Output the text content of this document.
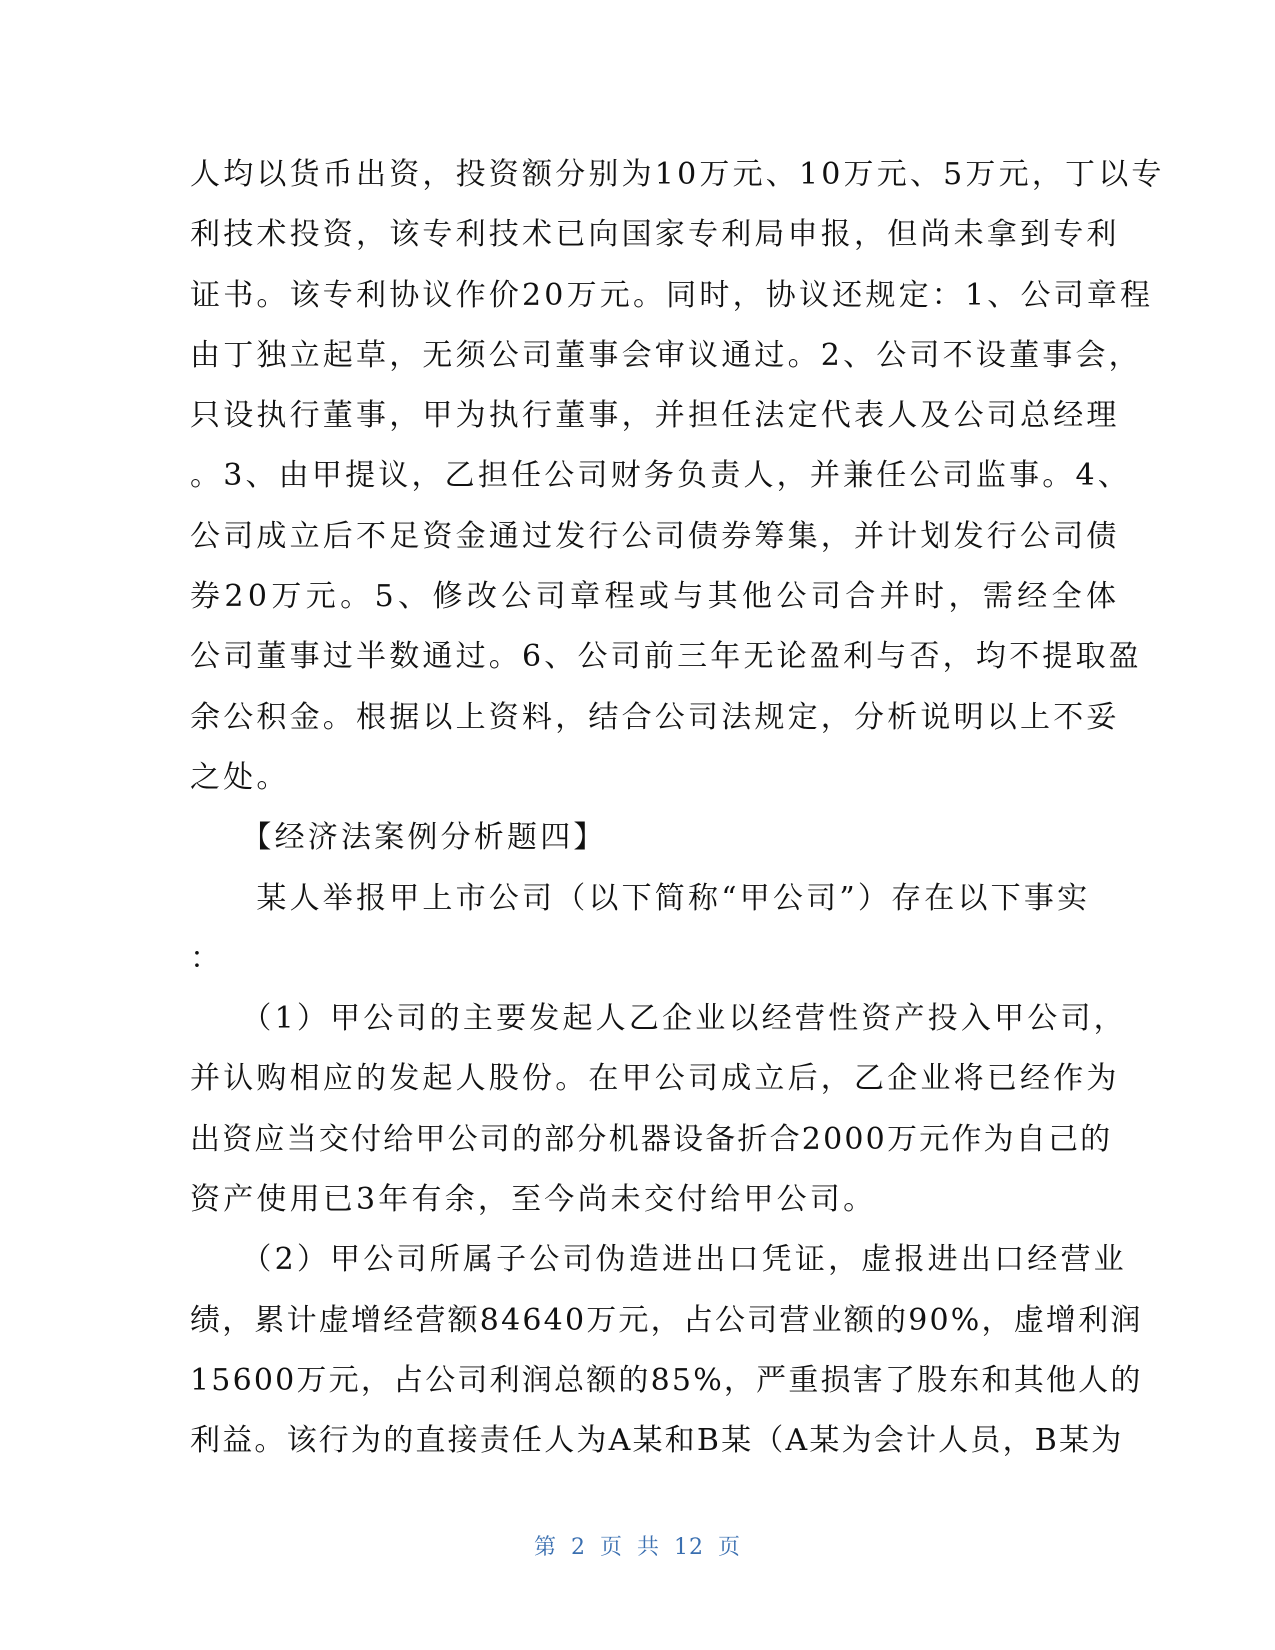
人均以货币出资，投资额分别为10万元、10万元、5万元，丁以专
利技术投资，该专利技术已向国家专利局申报，但尚未拿到专利
证书。该专利协议作价20万元。同时，协议还规定：1、公司章程
由丁独立起草，无须公司董事会审议通过。2、公司不设董事会，
只设执行董事，甲为执行董事，并担任法定代表人及公司总经理
。3、由甲提议，乙担任公司财务负责人，并兼任公司监事。4、
公司成立后不足资金通过发行公司债券筹集，并计划发行公司债
券20万元。5、修改公司章程或与其他公司合并时，需经全体
公司董事过半数通过。6、公司前三年无论盈利与否，均不提取盈
余公积金。根据以上资料，结合公司法规定，分析说明以上不妥
之处。
　　【经济法案例分析题四】
　　某人举报甲上市公司（以下简称“甲公司”）存在以下事实
：
　　（1）甲公司的主要发起人乙企业以经营性资产投入甲公司，
并认购相应的发起人股份。在甲公司成立后，乙企业将已经作为
出资应当交付给甲公司的部分机器设备折合2000万元作为自己的
资产使用已3年有余，至今尚未交付给甲公司。
　　（2）甲公司所属子公司伪造进出口凭证，虚报进出口经营业
绩，累计虚增经营额84640万元，占公司营业额的90%，虚增利润
15600万元，占公司利润总额的85%，严重损害了股东和其他人的
利益。该行为的直接责任人为A某和B某（A某为会计人员，B某为
第 2 页 共 12 页
